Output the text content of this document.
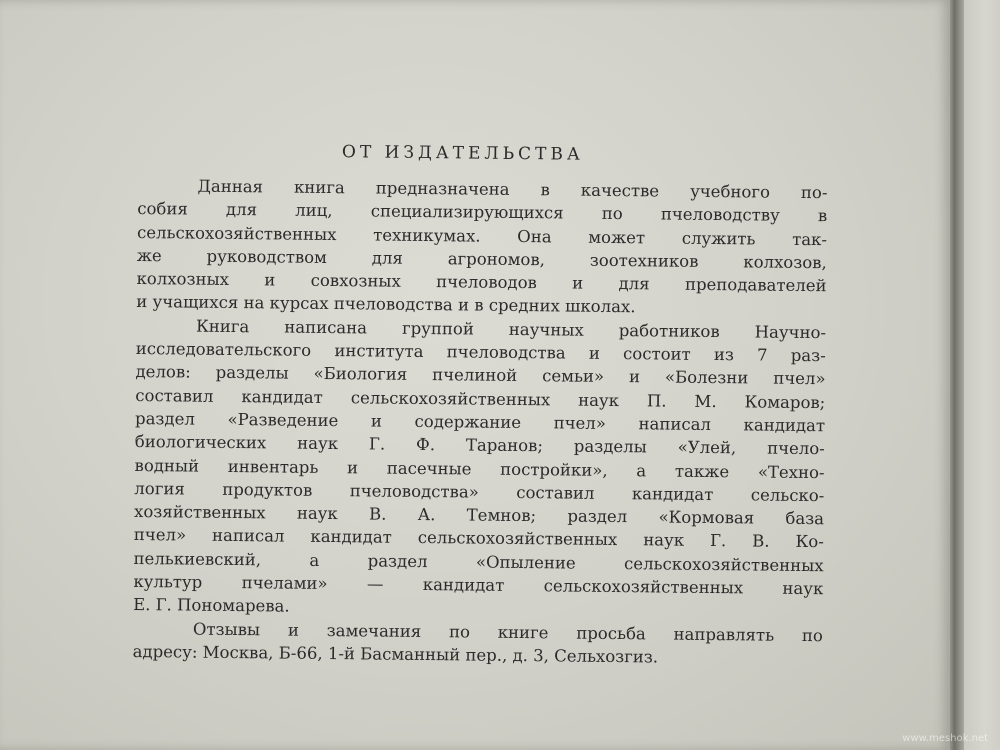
ОТ ИЗДАТЕЛЬСТВА
Данная книга предназначена в качестве учебного по-
собия для лиц, специализирующихся по пчеловодству в
сельскохозяйственных техникумах. Она может служить так-
же руководством для агрономов, зоотехников колхозов,
колхозных и совхозных пчеловодов и для преподавателей
и учащихся на курсах пчеловодства и в средних школах.
Книга написана группой научных работников Научно-
исследовательского института пчеловодства и состоит из 7 раз-
делов: разделы «Биология пчелиной семьи» и «Болезни пчел»
составил кандидат сельскохозяйственных наук П. М. Комаров;
раздел «Разведение и содержание пчел» написал кандидат
биологических наук Г. Ф. Таранов; разделы «Улей, пчело-
водный инвентарь и пасечные постройки», а также «Техно-
логия продуктов пчеловодства» составил кандидат сельско-
хозяйственных наук В. А. Темнов; раздел «Кормовая база
пчел» написал кандидат сельскохозяйственных наук Г. В. Ко-
пелькиевский, а раздел «Опыление сельскохозяйственных
культур пчелами» — кандидат сельскохозяйственных наук
Е. Г. Пономарева.
Отзывы и замечания по книге просьба направлять по
адресу: Москва, Б-66, 1-й Басманный пер., д. 3, Сельхозгиз.
www.meshok.net
